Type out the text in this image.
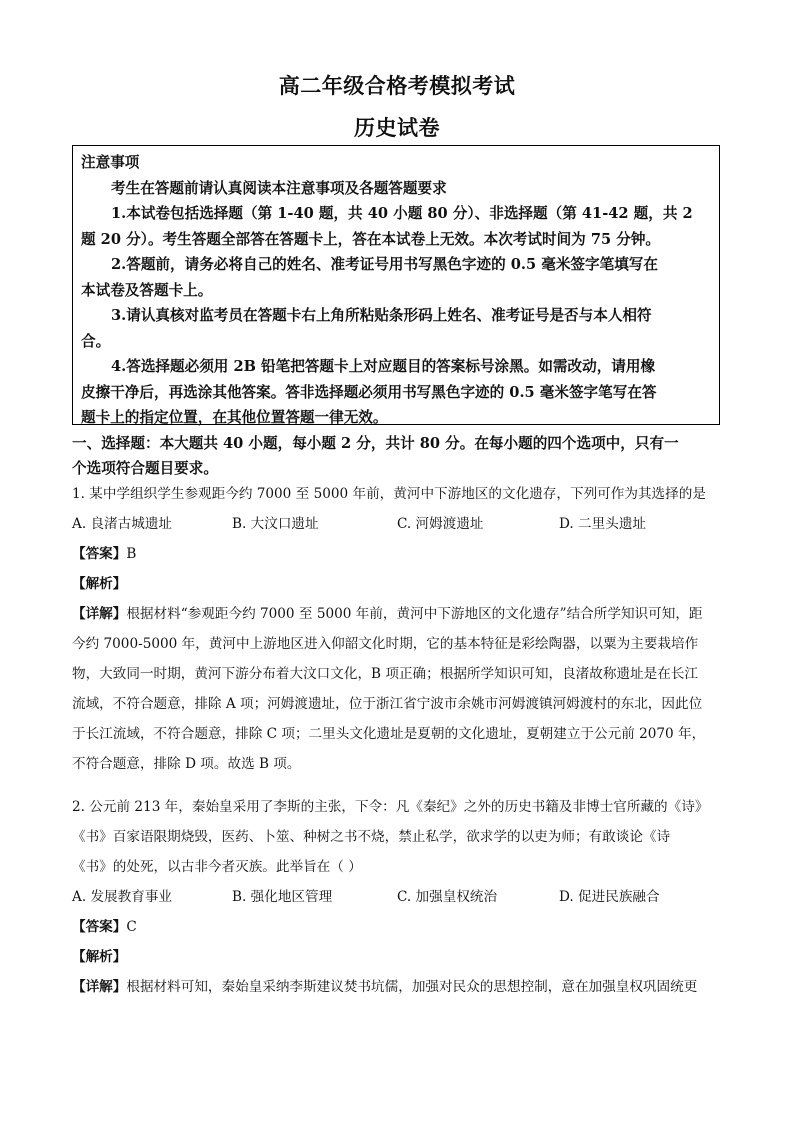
高二年级合格考模拟考试
历史试卷

注意事项

考生在答题前请认真阅读本注意事项及各题答题要求

1.本试卷包括选择题（第 1-40 题，共 40 小题 80 分）、非选择题（第 41-42 题，共 2

题 20 分）。考生答题全部答在答题卡上，答在本试卷上无效。本次考试时间为 75 分钟。

2.答题前，请务必将自己的姓名、准考证号用书写黑色字迹的 0.5 毫米签字笔填写在

本试卷及答题卡上。

3.请认真核对监考员在答题卡右上角所粘贴条形码上姓名、准考证号是否与本人相符

合。

4.答选择题必须用 2B 铅笔把答题卡上对应题目的答案标号涂黑。如需改动，请用橡

皮擦干净后，再选涂其他答案。答非选择题必须用书写黑色字迹的 0.5 毫米签字笔写在答

题卡上的指定位置，在其他位置答题一律无效。

一、选择题：本大题共 40 小题，每小题 2 分，共计 80 分。在每小题的四个选项中，只有一
个选项符合题目要求。

1. 某中学组织学生参观距今约 7000 至 5000 年前，黄河中下游地区的文化遗存，下列可作为其选择的是

A. 良渚古城遗址	B. 大汶口遗址	C. 河姆渡遗址	D. 二里头遗址

【答案】B

【解析】

【详解】根据材料“参观距今约 7000 至 5000 年前，黄河中下游地区的文化遗存”结合所学知识可知，距

今约 7000-5000 年，黄河中上游地区进入仰韶文化时期，它的基本特征是彩绘陶器，以粟为主要栽培作

物，大致同一时期，黄河下游分布着大汶口文化，B 项正确；根据所学知识可知，良渚故称遗址是在长江

流域，不符合题意，排除 A 项；河姆渡遗址，位于浙江省宁波市余姚市河姆渡镇河姆渡村的东北，因此位

于长江流域，不符合题意，排除 C 项；二里头文化遗址是夏朝的文化遗址，夏朝建立于公元前 2070 年，

不符合题意，排除 D 项。故选 B 项。

2. 公元前 213 年，秦始皇采用了李斯的主张，下令：凡《秦纪》之外的历史书籍及非博士官所藏的《诗》

《书》百家语限期烧毁，医药、卜筮、种树之书不烧，禁止私学，欲求学的以吏为师；有敢谈论《诗

《书》的处死，以古非今者灭族。此举旨在（ ）

A. 发展教育事业	B. 强化地区管理	C. 加强皇权统治	D. 促进民族融合

【答案】C

【解析】

【详解】根据材料可知，秦始皇采纳李斯建议焚书坑儒，加强对民众的思想控制，意在加强皇权巩固统更
